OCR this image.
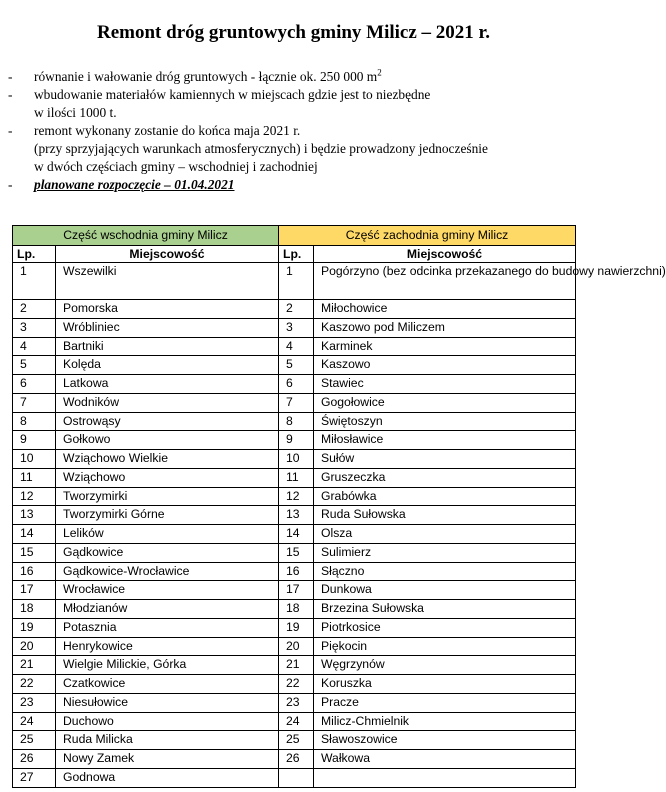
Remont dróg gruntowych gminy Milicz – 2021 r.
- równanie i wałowanie dróg gruntowych - łącznie ok. 250 000 $m^2$
- wbudowanie materiałów kamiennych w miejscach gdzie jest to niezbędne
w ilości 1000 t.
- remont wykonany zostanie do końca maja 2021 r.
(przy sprzyjających warunkach atmosferycznych) i będzie prowadzony jednocześnie
w dwóch częściach gminy – wschodniej i zachodniej
- planowane rozpoczęcie – 01.04.2021
Część wschodnia gminy Milicz		Część zachodnia gminy Milicz	
Lp.	Miejscowość	Lp.	Miejscowość
1	Wszewilki	1	Pogórzyno (bez odcinka przekazanego do budowy nawierzchni)
2	Pomorska	2	Miłochowice
3	Wróbliniec	3	Kaszowo pod Miliczem
4	Bartniki	4	Karminek
5	Kolęda	5	Kaszowo
6	Latkowa	6	Stawiec
7	Wodników	7	Gogołowice
8	Ostrowąsy	8	Świętoszyn
9	Gołkowo	9	Miłosławice
10	Wziąchowo Wielkie	10	Sułów
11	Wziąchowo	11	Gruszeczka
12	Tworzymirki	12	Grabówka
13	Tworzymirki Górne	13	Ruda Sułowska
14	Lelików	14	Olsza
15	Gądkowice	15	Sulimierz
16	Gądkowice-Wrocławice	16	Słączno
17	Wrocławice	17	Dunkowa
18	Młodzianów	18	Brzezina Sułowska
19	Potasznia	19	Piotrkosice
20	Henrykowice	20	Piękocin
21	Wielgie Milickie, Górka	21	Węgrzynów
22	Czatkowice	22	Koruszka
23	Niesułowice	23	Pracze
24	Duchowo	24	Milicz-Chmielnik
25	Ruda Milicka	25	Sławoszowice
26	Nowy Zamek	26	Wałkowa
27	Godnowa		
